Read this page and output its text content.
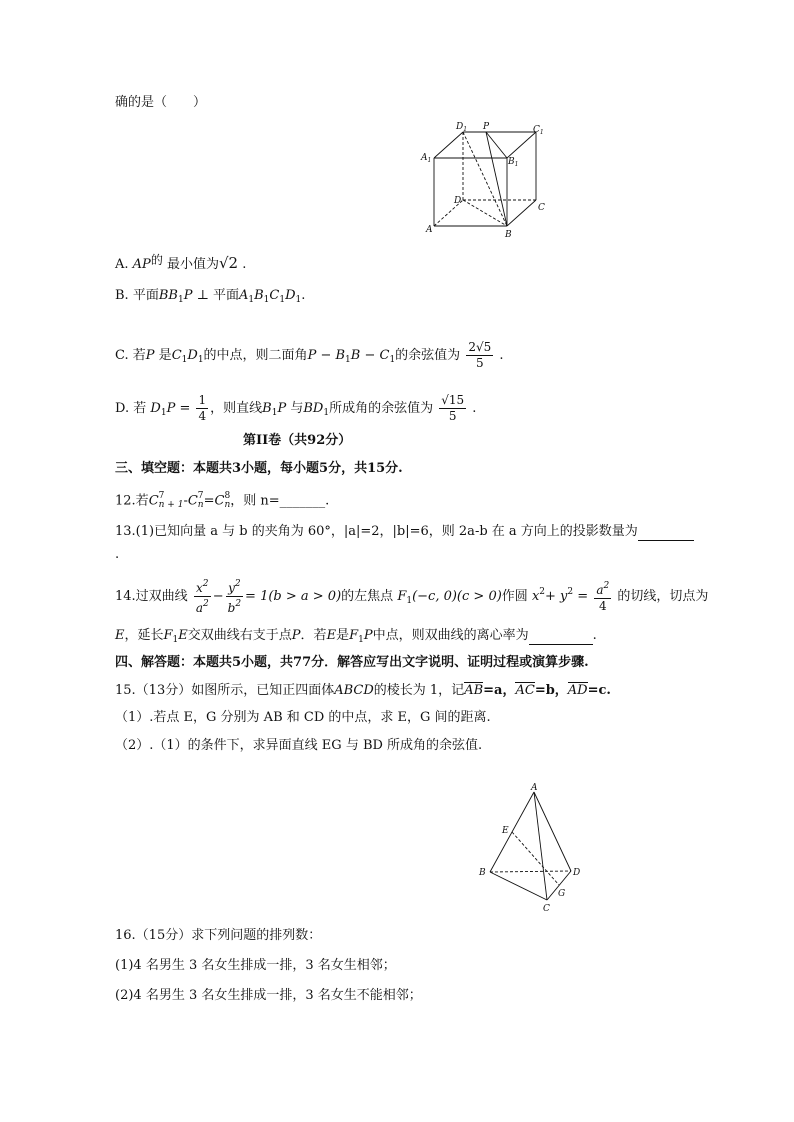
确的是（　　）
$D_1$ P	$C_1$
$A_1$	$B_1$
D
C
A	B
A. AP的 最小值为√2 .
B. 平面$BB_1P$ ⊥ 平面$A_1B_1C_1D_1$.
C. 若P 是$C_1D_1$的中点，则二面角$P - B_1B - C_1$的余弦值为 $\frac{2√5}{5}$ .
D. 若 $D_1P = \frac{1}{4}$ ，则直线$B_1P$ 与$BD_1$所成角的余弦值为 $\frac{√15}{5}$ .
第II卷（共92分）
三、填空题：本题共3小题，每小题5分，共15分.
12.若C 7
n + 1 -C 7
n =C 8
n ，则 n=_______.
13.(1)已知向量 a 与 b 的夹角为 60°，|a|=2，|b|=6，则 2a-b 在 a 方向上的投影数量为
.
14.过双曲线 $\frac{x^2}{a^2} - \frac{y^2}{b^2} = 1(b > a > 0)$的左焦点 $F_1(-c$, 0)(c > 0)作圆 $x^2+ y^2 = \frac{a^2}{4}$ 的切线，切点为
E，延长$F_1E$交双曲线右支于点P．若E是$F_1P$中点，则双曲线的离心率为	.
四、解答题：本题共5小题，共77分．解答应写出文字说明、证明过程或演算步骤.
15.（13分）如图所示，已知正四面体ABCD的棱长为 1，记AB=a，AC=b，AD=c.
（1）.若点 E，G 分别为 AB 和 CD 的中点，求 E，G 间的距离.
（2）.（1）的条件下，求异面直线 EG 与 BD 所成角的余弦值.
A
E
B	D
G
C
16.（15分）求下列问题的排列数：
(1)4 名男生 3 名女生排成一排，3 名女生相邻；
(2)4 名男生 3 名女生排成一排，3 名女生不能相邻；
